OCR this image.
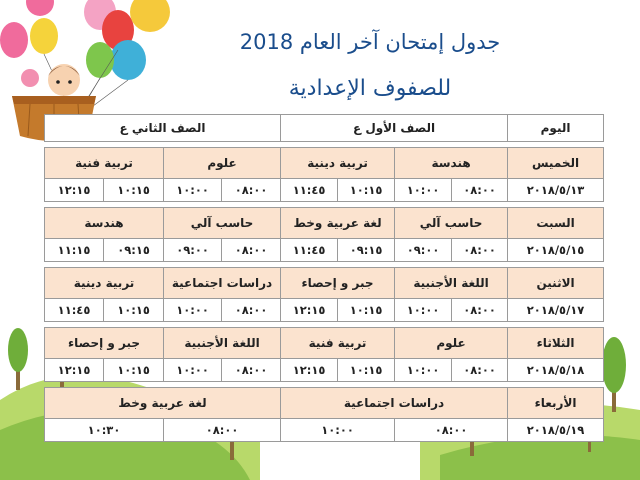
جدول إمتحان آخر العام 2018
للصفوف الإعدادية
اليوم	الصف الأول ع				الصف الثاني ع			

الخميس	هندسة		تربية دينية		علوم		تربية فنية	
٢٠١٨/٥/١٣	٠٨:٠٠	١٠:٠٠	١٠:١٥	١١:٤٥	٠٨:٠٠	١٠:٠٠	١٠:١٥	١٢:١٥

السبت	حاسب آلي		لغة عربية وخط		حاسب آلي		هندسة	
٢٠١٨/٥/١٥	٠٨:٠٠	٠٩:٠٠	٠٩:١٥	١١:٤٥	٠٨:٠٠	٠٩:٠٠	٠٩:١٥	١١:١٥

الاثنين	اللغة الأجنبية		جبر و إحصاء		دراسات اجتماعية		تربية دينية	
٢٠١٨/٥/١٧	٠٨:٠٠	١٠:٠٠	١٠:١٥	١٢:١٥	٠٨:٠٠	١٠:٠٠	١٠:١٥	١١:٤٥

الثلاثاء	علوم		تربية فنية		اللغة الأجنبية		جبر و إحصاء	
٢٠١٨/٥/١٨	٠٨:٠٠	١٠:٠٠	١٠:١٥	١٢:١٥	٠٨:٠٠	١٠:٠٠	١٠:١٥	١٢:١٥

الأربعاء	دراسات اجتماعية				لغة عربية وخط			
٢٠١٨/٥/١٩	٠٨:٠٠		١٠:٠٠		٠٨:٠٠		١٠:٣٠	
